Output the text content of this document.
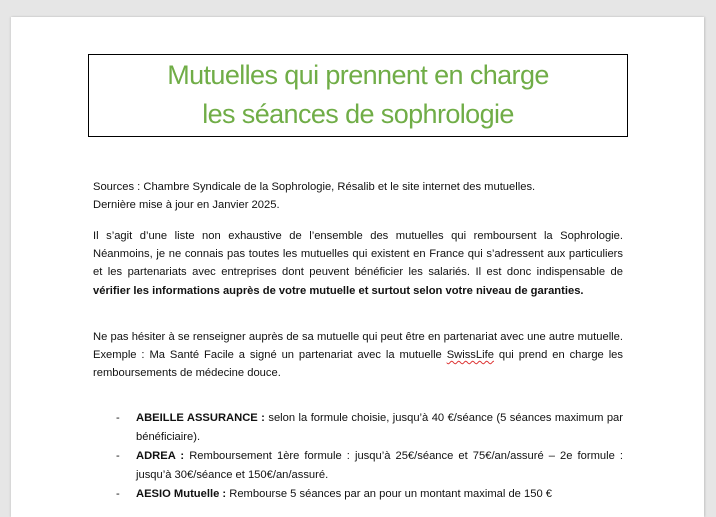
Mutuelles qui prennent en charge
les séances de sophrologie
Sources : Chambre Syndicale de la Sophrologie, Résalib et le site internet des mutuelles.
Dernière mise à jour en Janvier 2025.
Il s’agit d’une liste non exhaustive de l’ensemble des mutuelles qui remboursent la Sophrologie. Néanmoins, je ne connais pas toutes les mutuelles qui existent en France qui s’adressent aux particuliers et les partenariats avec entreprises dont peuvent bénéficier les salariés. Il est donc indispensable de vérifier les informations auprès de votre mutuelle et surtout selon votre niveau de garanties.
Ne pas hésiter à se renseigner auprès de sa mutuelle qui peut être en partenariat avec une autre mutuelle. Exemple : Ma Santé Facile a signé un partenariat avec la mutuelle SwissLife qui prend en charge les remboursements de médecine douce.
- ABEILLE ASSURANCE : selon la formule choisie, jusqu’à 40 €/séance (5 séances maximum par bénéficiaire).
- ADREA : Remboursement 1ère formule : jusqu’à 25€/séance et 75€/an/assuré – 2e formule : jusqu’à 30€/séance et 150€/an/assuré.
- AESIO Mutuelle : Rembourse 5 séances par an pour un montant maximal de 150 €
